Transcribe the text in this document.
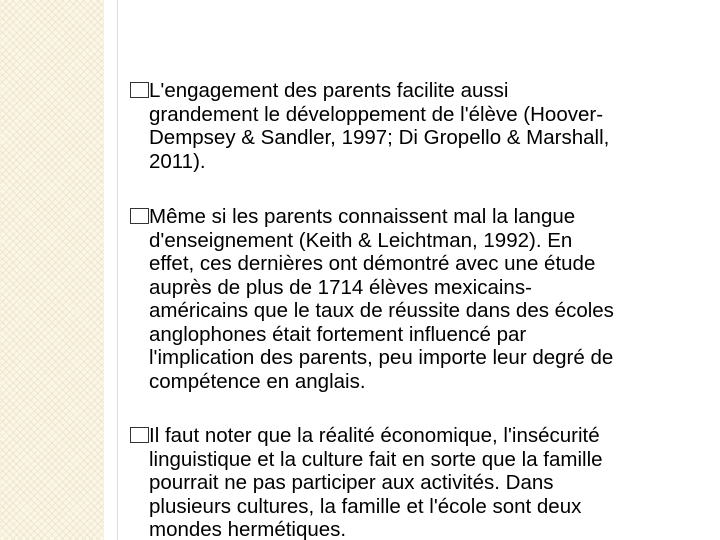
L'engagement des parents facilite aussi
grandement le développement de l'élève (Hoover-
Dempsey & Sandler, 1997; Di Gropello & Marshall,
2011).

Même si les parents connaissent mal la langue
d'enseignement (Keith & Leichtman, 1992). En
effet, ces dernières ont démontré avec une étude
auprès de plus de 1714 élèves mexicains-
américains que le taux de réussite dans des écoles
anglophones était fortement influencé par
l'implication des parents, peu importe leur degré de
compétence en anglais.

Il faut noter que la réalité économique, l'insécurité
linguistique et la culture fait en sorte que la famille
pourrait ne pas participer aux activités. Dans
plusieurs cultures, la famille et l'école sont deux
mondes hermétiques.
